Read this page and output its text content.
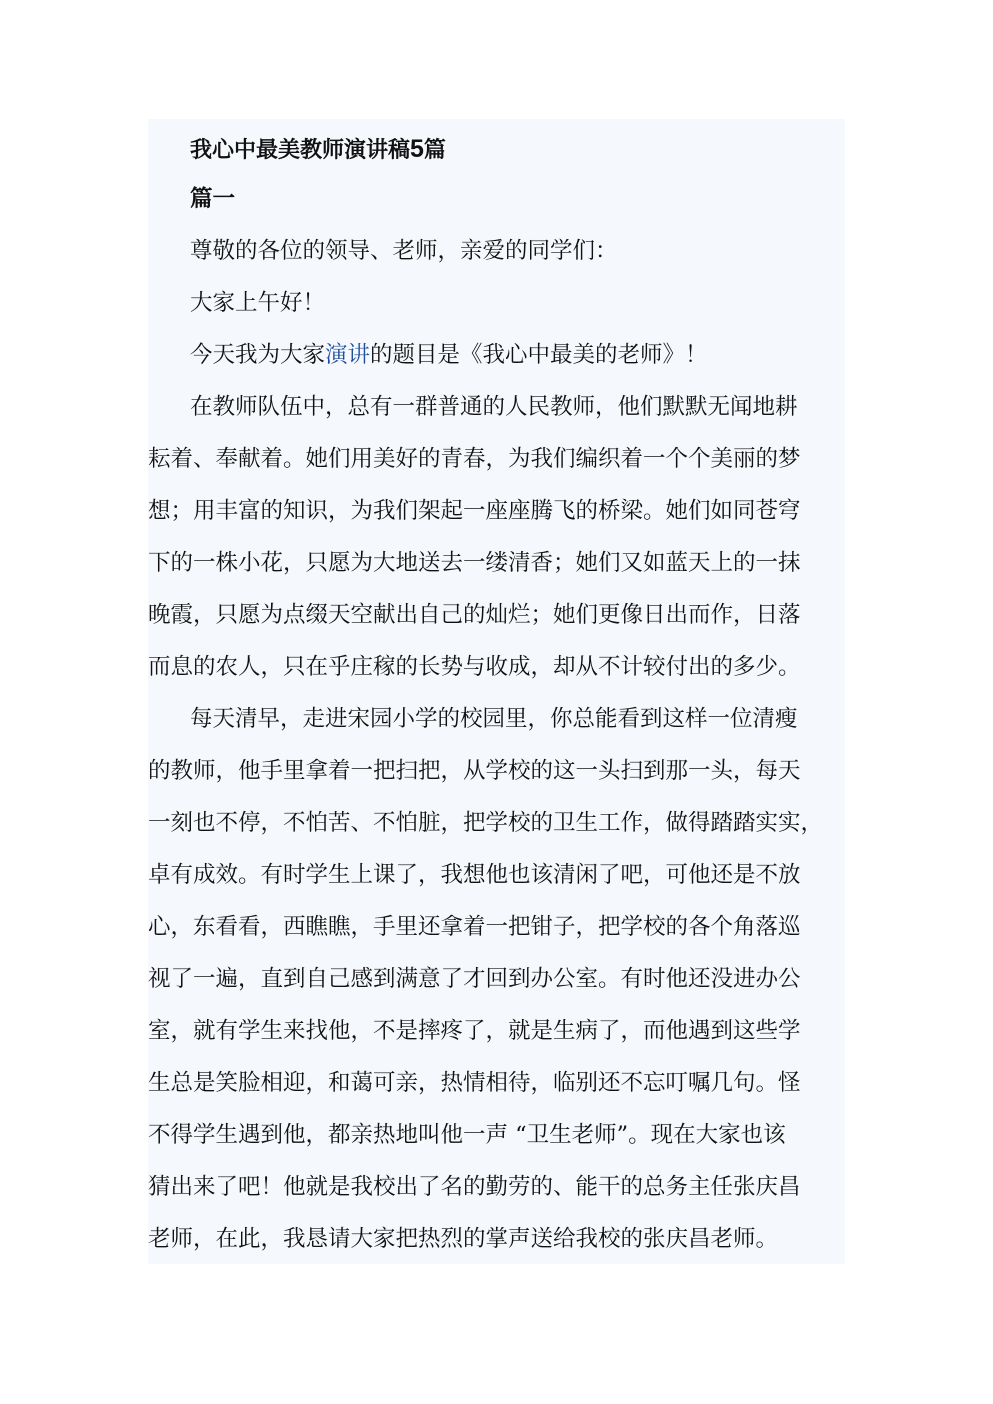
我心中最美教师演讲稿5篇
篇一
尊敬的各位的领导、老师，亲爱的同学们：
大家上午好！
今天我为大家演讲的题目是《我心中最美的老师》！
在教师队伍中，总有一群普通的人民教师，他们默默无闻地耕
耘着、奉献着。她们用美好的青春，为我们编织着一个个美丽的梦
想；用丰富的知识，为我们架起一座座腾飞的桥梁。她们如同苍穹
下的一株小花，只愿为大地送去一缕清香；她们又如蓝天上的一抹
晚霞，只愿为点缀天空献出自己的灿烂；她们更像日出而作，日落
而息的农人，只在乎庄稼的长势与收成，却从不计较付出的多少。
每天清早，走进宋园小学的校园里，你总能看到这样一位清瘦
的教师，他手里拿着一把扫把，从学校的这一头扫到那一头，每天
一刻也不停，不怕苦、不怕脏，把学校的卫生工作，做得踏踏实实，
卓有成效。有时学生上课了，我想他也该清闲了吧，可他还是不放
心，东看看，西瞧瞧，手里还拿着一把钳子，把学校的各个角落巡
视了一遍，直到自己感到满意了才回到办公室。有时他还没进办公
室，就有学生来找他，不是摔疼了，就是生病了，而他遇到这些学
生总是笑脸相迎，和蔼可亲，热情相待，临别还不忘叮嘱几句。怪
不得学生遇到他，都亲热地叫他一声 “卫生老师”。现在大家也该
猜出来了吧！他就是我校出了名的勤劳的、能干的总务主任张庆昌
老师，在此，我恳请大家把热烈的掌声送给我校的张庆昌老师。
